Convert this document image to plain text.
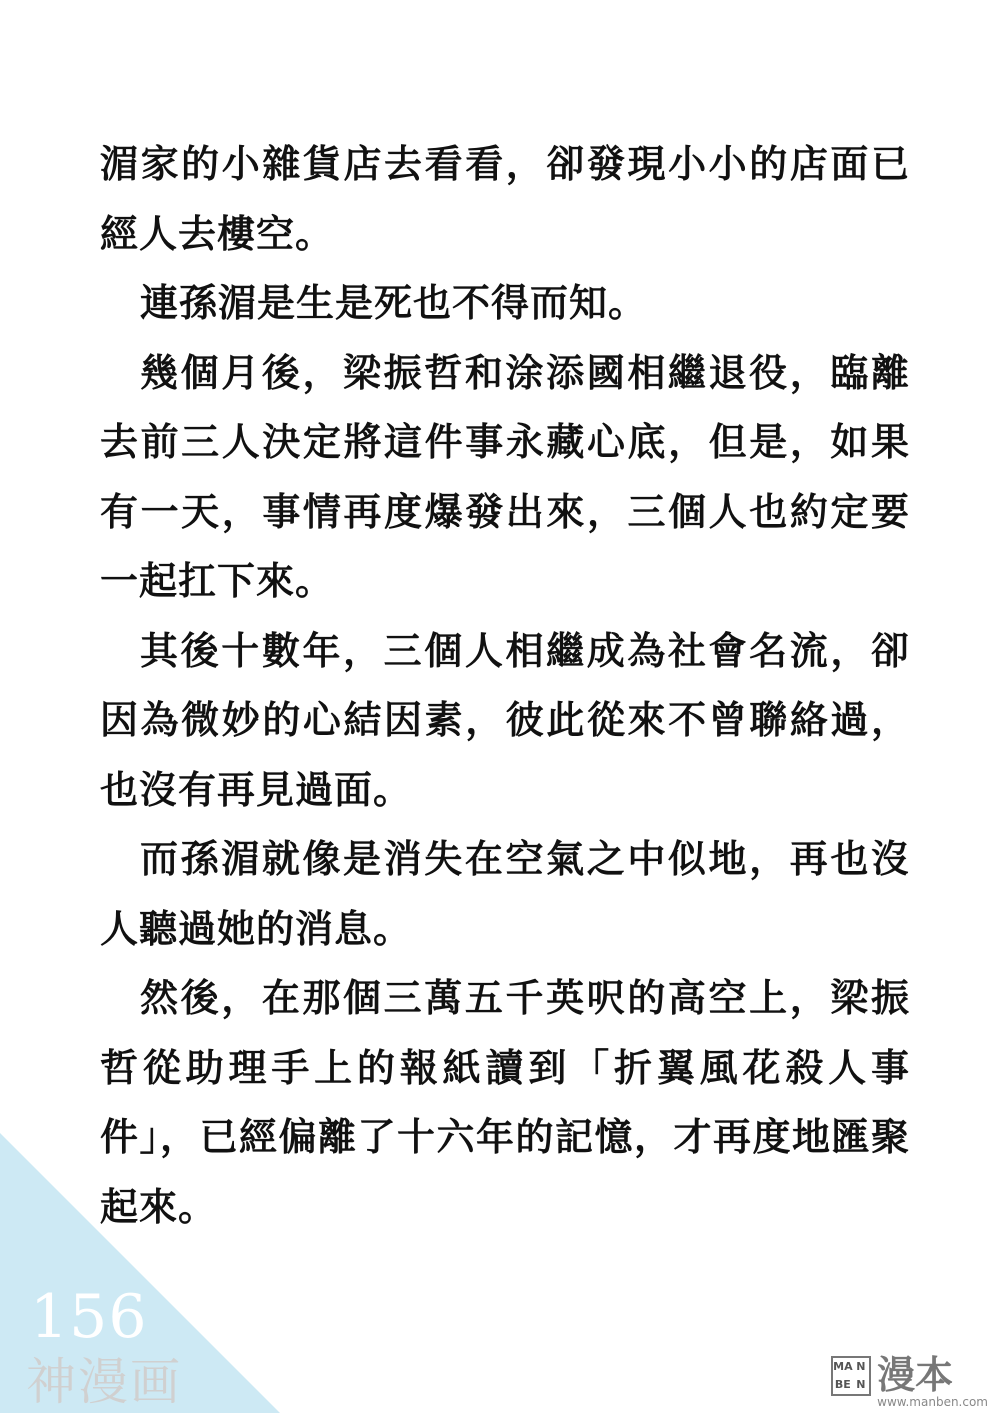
湄家的小雜貨店去看看，卻發現小小的店面已經人去樓空。

連孫湄是生是死也不得而知。

幾個月後，梁振哲和涂添國相繼退役，臨離去前三人決定將這件事永藏心底，但是，如果有一天，事情再度爆發出來，三個人也約定要一起扛下來。

其後十數年，三個人相繼成為社會名流，卻因為微妙的心結因素，彼此從來不曾聯絡過，也沒有再見過面。

而孫湄就像是消失在空氣之中似地，再也沒人聽過她的消息。

然後，在那個三萬五千英呎的高空上，梁振哲從助理手上的報紙讀到「折翼風花殺人事件」，已經偏離了十六年的記憶，才再度地匯聚起來。

156
神漫画	MA N
BE N 漫本
www.manben.com
